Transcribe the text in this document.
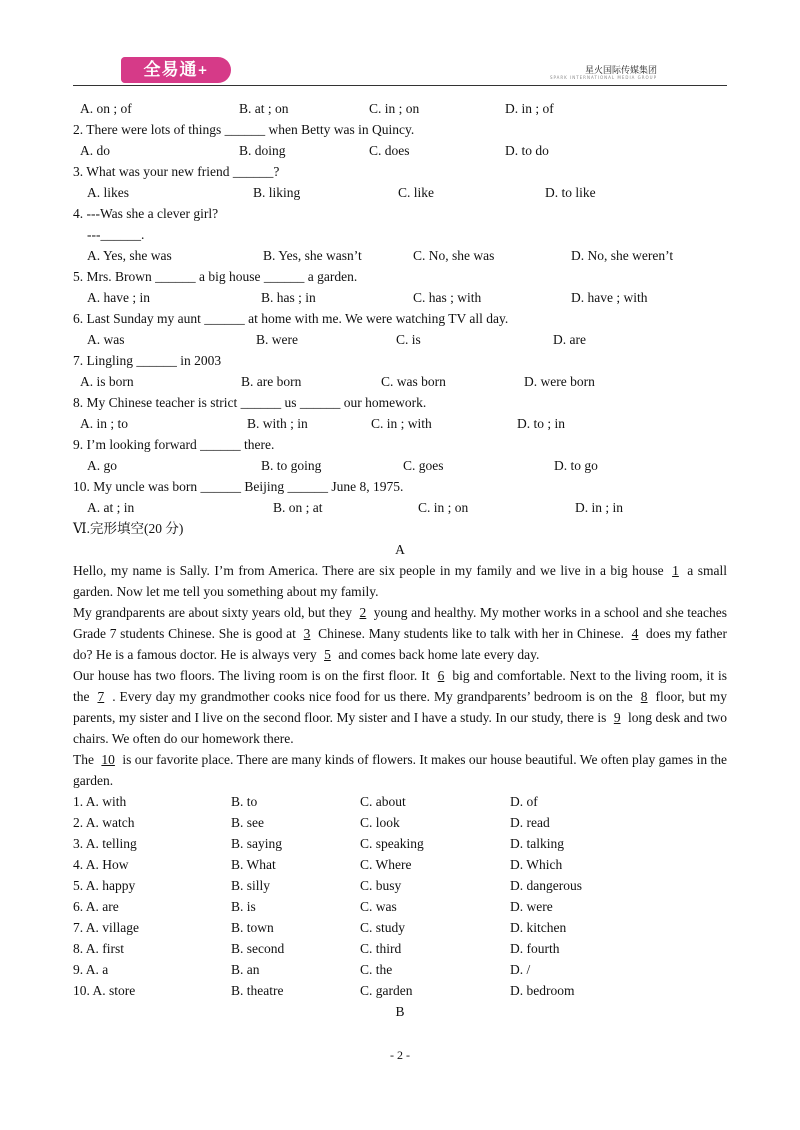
全易通+	星火国际传媒集团
SPARK INTERNATIONAL MEDIA GROUP
A. on ; of	B. at ; on	C. in ; on	D. in ; of
2. There were lots of things ______ when Betty was in Quincy.
A. do	B. doing	C. does	D. to do
3. What was your new friend ______?
A. likes	B. liking	C. like	D. to like
4. ---Was she a clever girl?
---______.
A. Yes, she was	B. Yes, she wasn’t	C. No, she was	D. No, she weren’t
5. Mrs. Brown ______ a big house ______ a garden.
A. have ; in	B. has ; in	C. has ; with	D. have ; with
6. Last Sunday my aunt ______ at home with me. We were watching TV all day.
A. was	B. were	C. is	D. are
7. Lingling ______ in 2003
A. is born	B. are born	C. was born	D. were born
8. My Chinese teacher is strict ______ us ______ our homework.
A. in ; to	B. with ; in	C. in ; with	D. to ; in
9. I’m looking forward ______ there.
A. go	B. to going	C. goes	D. to go
10. My uncle was born ______ Beijing ______ June 8, 1975.
A. at ; in	B. on ; at	C. in ; on	D. in ; in
Ⅵ.完形填空(20 分)
A

Hello, my name is Sally. I’m from America. There are six people in my family and we live in a big house 1 a small garden. Now let me tell you something about my family.

My grandparents are about sixty years old, but they 2 young and healthy. My mother works in a school and she teaches Grade 7 students Chinese. She is good at 3 Chinese. Many students like to talk with her in Chinese. 4 does my father do? He is a famous doctor. He is always very 5 and comes back home late every day.

Our house has two floors. The living room is on the first floor. It 6 big and comfortable. Next to the living room, it is the 7 . Every day my grandmother cooks nice food for us there. My grandparents’ bedroom is on the 8 floor, but my parents, my sister and I live on the second floor. My sister and I have a study. In our study, there is 9 long desk and two chairs. We often do our homework there.

The 10 is our favorite place. There are many kinds of flowers. It makes our house beautiful. We often play games in the garden.

1. A. with	B. to	C. about	D. of
2. A. watch	B. see	C. look	D. read
3. A. telling	B. saying	C. speaking	D. talking
4. A. How	B. What	C. Where	D. Which
5. A. happy	B. silly	C. busy	D. dangerous
6. A. are	B. is	C. was	D. were
7. A. village	B. town	C. study	D. kitchen
8. A. first	B. second	C. third	D. fourth
9. A. a	B. an	C. the	D. /
10. A. store	B. theatre	C. garden	D. bedroom
B
- 2 -
